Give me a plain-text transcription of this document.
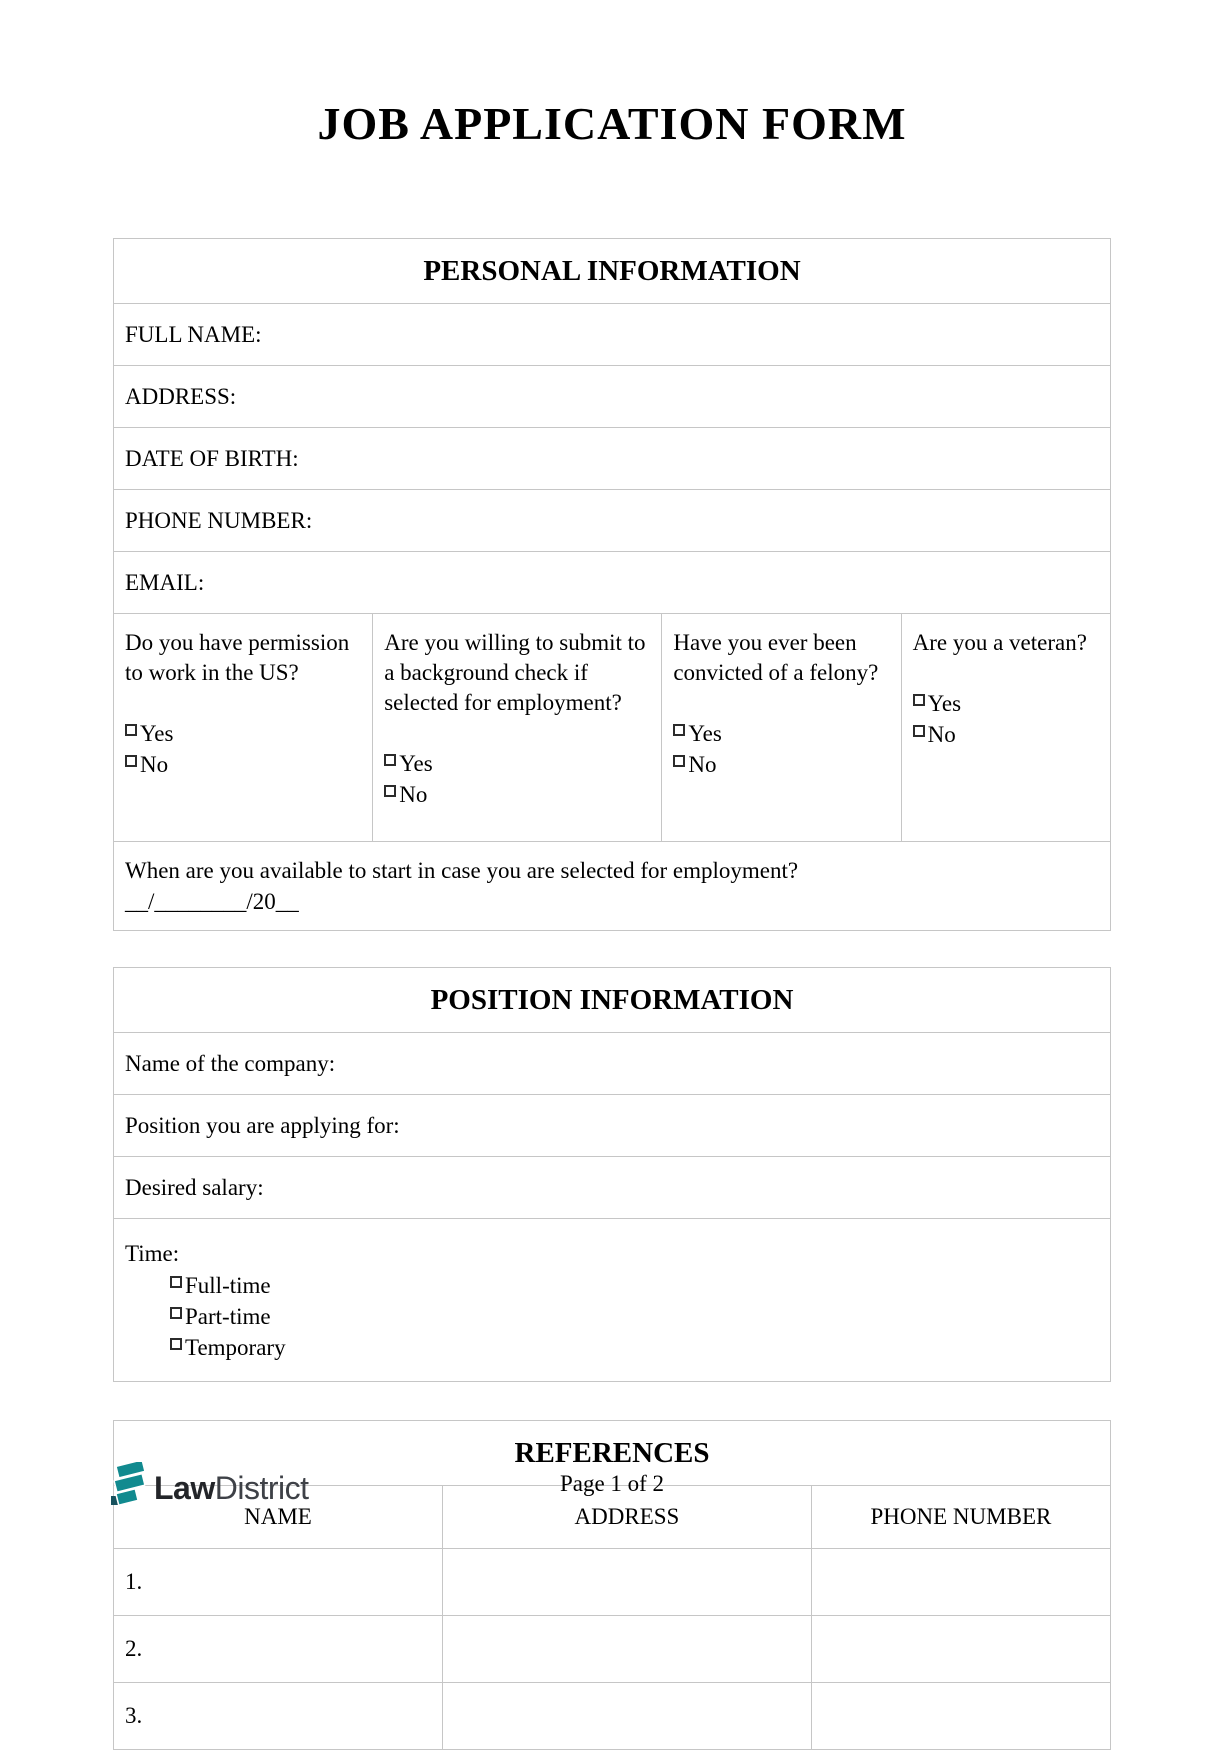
JOB APPLICATION FORM
PERSONAL INFORMATION
FULL NAME:
ADDRESS:
DATE OF BIRTH:
PHONE NUMBER:
EMAIL:

Do you have permission to work in the US?
Yes
No

Are you willing to submit to a background check if selected for employment?
Yes
No

Have you ever been convicted of a felony?
Yes
No

Are you a veteran?
Yes
No

When are you available to start in case you are selected for employment?
__/________/20__
POSITION INFORMATION
Name of the company:
Position you are applying for:
Desired salary:

Time:
Full-time
Part-time
Temporary
REFERENCES		
NAME	ADDRESS	PHONE NUMBER
1.		
2.		
3.		
Law District	Page 1 of 2
